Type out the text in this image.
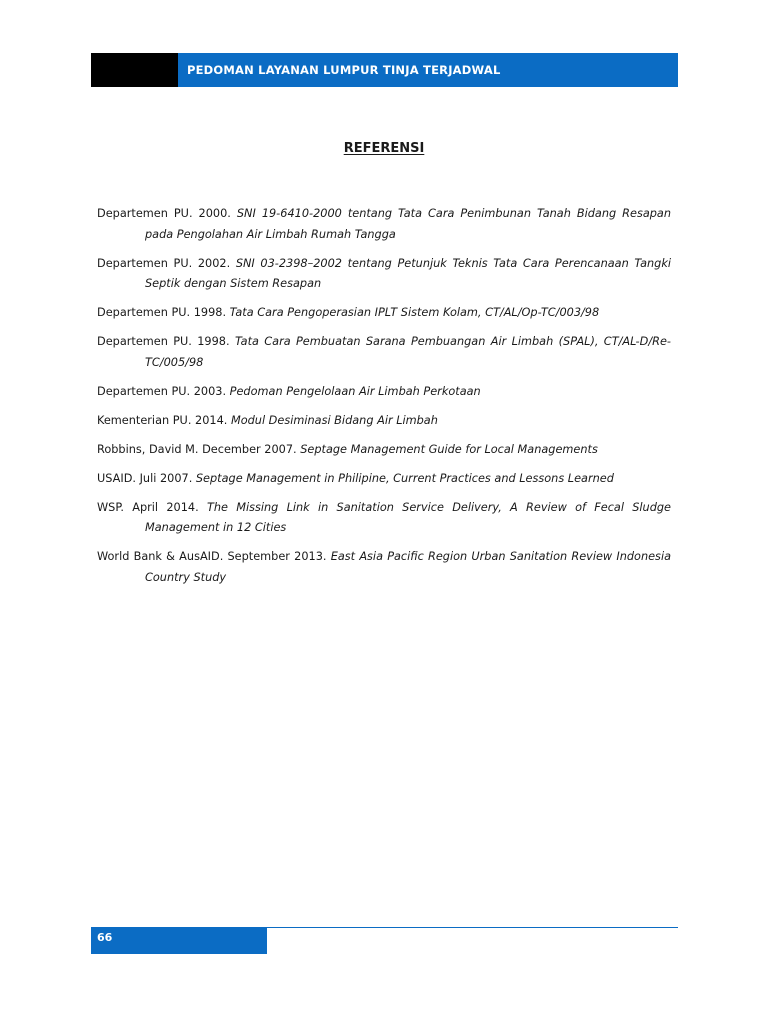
PEDOMAN LAYANAN LUMPUR TINJA TERJADWAL
REFERENSI
Departemen PU. 2000. SNI 19-6410-2000 tentang Tata Cara Penimbunan Tanah Bidang Resapan pada Pengolahan Air Limbah Rumah Tangga
Departemen PU. 2002. SNI 03-2398–2002 tentang Petunjuk Teknis Tata Cara Perencanaan Tangki Septik dengan Sistem Resapan
Departemen PU. 1998. Tata Cara Pengoperasian IPLT Sistem Kolam, CT/AL/Op-TC/003/98
Departemen PU. 1998. Tata Cara Pembuatan Sarana Pembuangan Air Limbah (SPAL), CT/AL-D/Re-TC/005/98
Departemen PU. 2003. Pedoman Pengelolaan Air Limbah Perkotaan
Kementerian PU. 2014. Modul Desiminasi Bidang Air Limbah
Robbins, David M. December 2007. Septage Management Guide for Local Managements
USAID. Juli 2007. Septage Management in Philipine, Current Practices and Lessons Learned
WSP. April 2014. The Missing Link in Sanitation Service Delivery, A Review of Fecal Sludge Management in 12 Cities
World Bank & AusAID. September 2013. East Asia Pacific Region Urban Sanitation Review Indonesia Country Study
66
